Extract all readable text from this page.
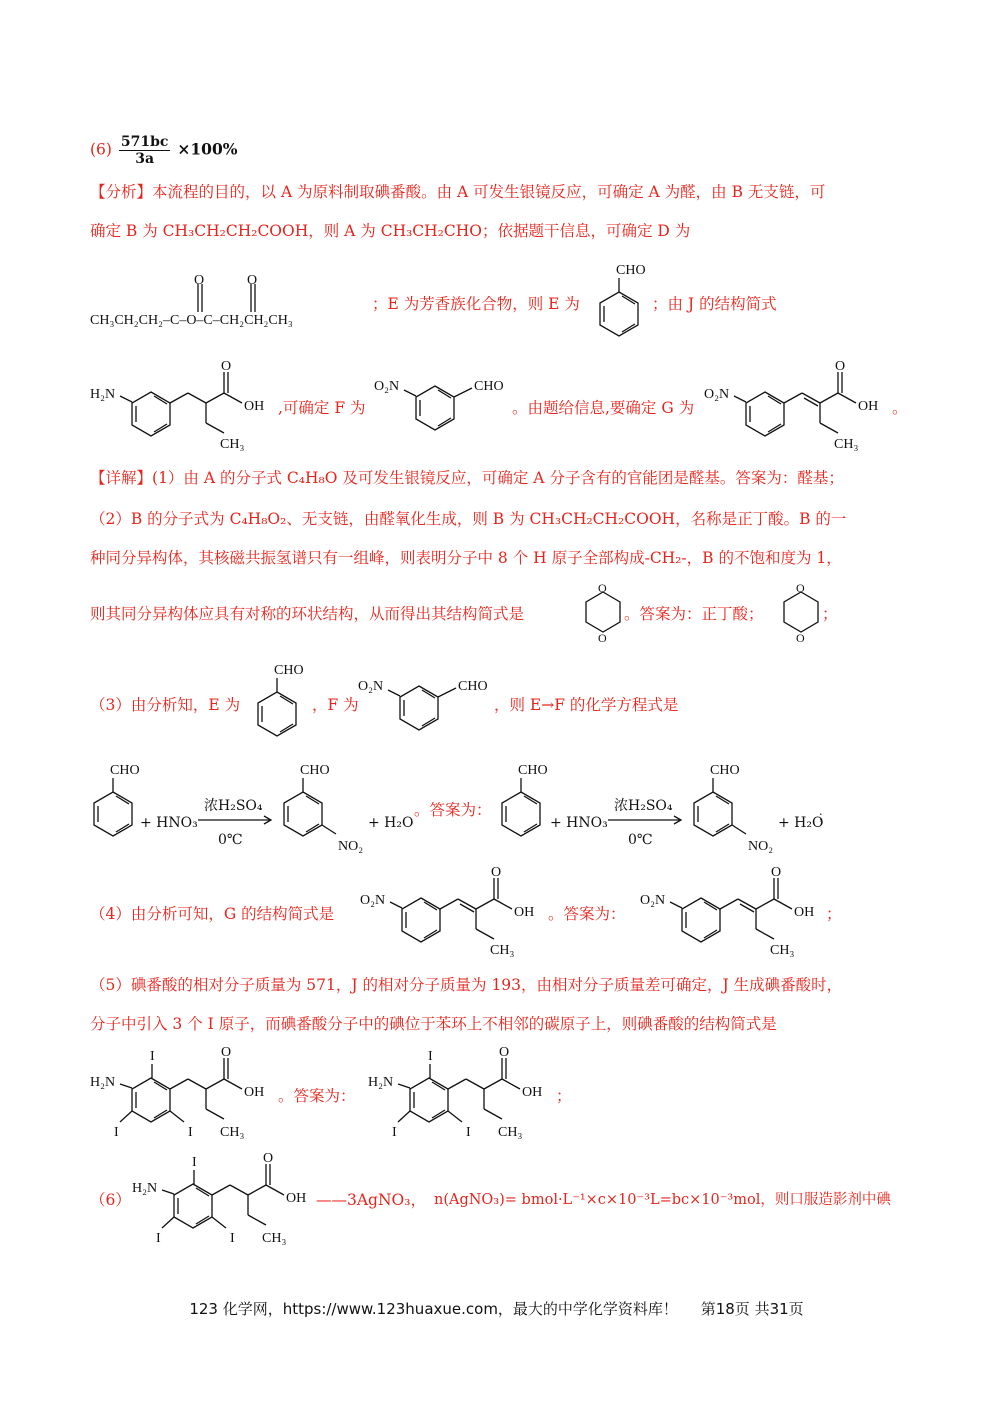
$(6) \frac{571bc}{3a} \times 100\%$
【分析】本流程的目的，以 A 为原料制取碘番酸。由 A 可发生银镜反应，可确定 A 为醛，由 B 无支链，可
确定 B 为 CH₃CH₂CH₂COOH，则 A 为 CH₃CH₂CHO；依据题干信息，可确定 D 为
CH₃CH₂CH₂–C–O–C–CH₂CH₂CH₃
O	O
；E 为芳香族化合物，则 E 为
CHO
；由 J 的结构简式
H₂N
O
OH
CH₃
,可确定 F 为
O₂N	CHO
。由题给信息,要确定 G 为
O₂N
O
OH
CH₃
。
【详解】(1）由 A 的分子式 C₄H₈O 及可发生银镜反应，可确定 A 分子含有的官能团是醛基。答案为：醛基；
（2）B 的分子式为 C₄H₈O₂、无支链，由醛氧化生成，则 B 为 CH₃CH₂CH₂COOH，名称是正丁酸。B 的一
种同分异构体，其核磁共振氢谱只有一组峰，则表明分子中 8 个 H 原子全部构成-CH₂-，B 的不饱和度为 1，
则其同分异构体应具有对称的环状结构，从而得出其结构简式是
O
O
。答案为：正丁酸；
O
O
；
（3）由分析知，E 为
CHO
，F 为
O₂N	CHO
，则 E→F 的化学方程式是
CHO
+ HNO₃
浓H₂SO₄
0℃
CHO
NO₂
+ H₂O
。答案为：
CHO
+ HNO₃
浓H₂SO₄
0℃
CHO
NO₂
+ H₂O
；
（4）由分析可知，G 的结构简式是
O₂N
O
OH
CH₃
。答案为：
O₂N
O
OH
CH₃
；
（5）碘番酸的相对分子质量为 571，J 的相对分子质量为 193，由相对分子质量差可确定，J 生成碘番酸时，
分子中引入 3 个 I 原子，而碘番酸分子中的碘位于苯环上不相邻的碳原子上，则碘番酸的结构简式是
H₂N
I
I	I
O
OH
CH₃
。答案为：
H₂N
I
I	I
O
OH
CH₃
；
（6）
H₂N
I
I	I
O
OH
CH₃
——3AgNO₃， n(AgNO₃)= bmol·L⁻¹×c×10⁻³L=bc×10⁻³mol，则口服造影剂中碘
123 化学网，https://www.123huaxue.com，最大的中学化学资料库！ 第18页 共31页
